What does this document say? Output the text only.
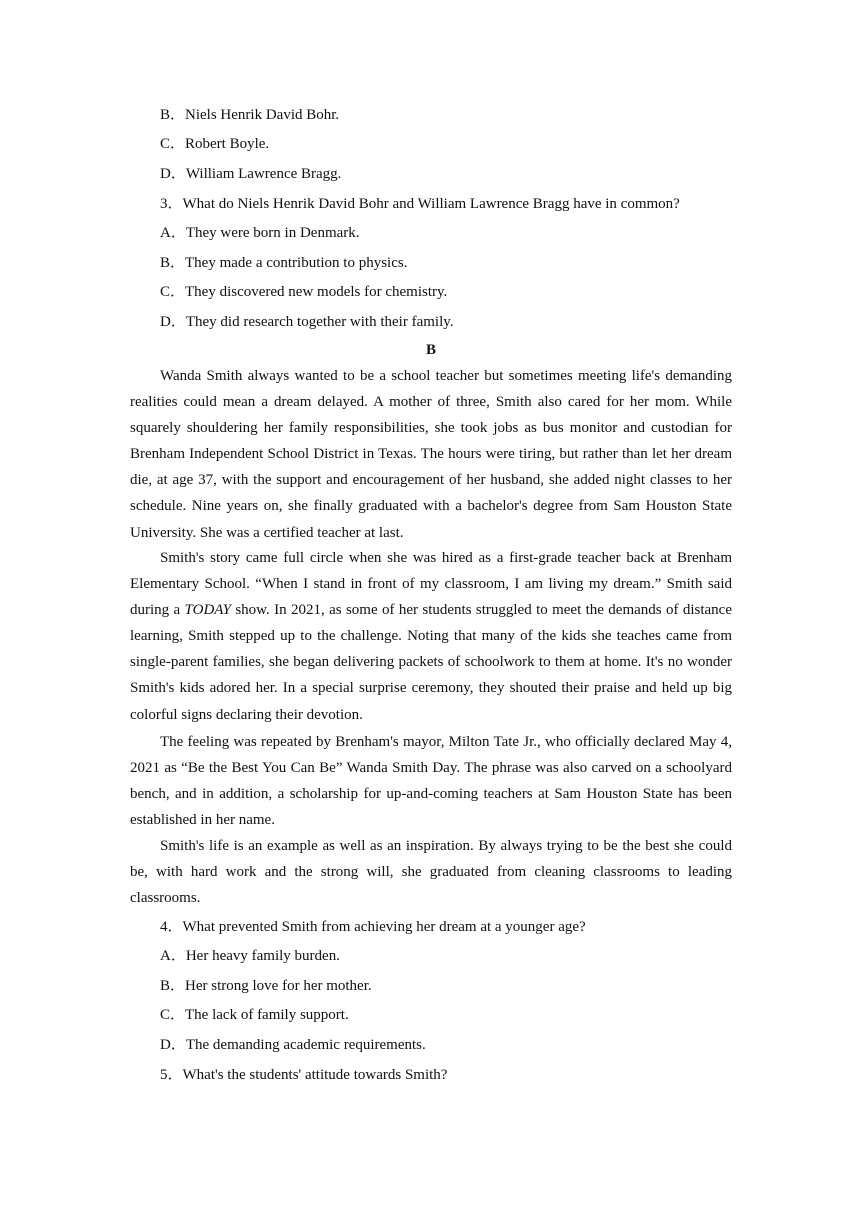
B．Niels Henrik David Bohr.
C．Robert Boyle.
D．William Lawrence Bragg.
3．What do Niels Henrik David Bohr and William Lawrence Bragg have in common?
A．They were born in Denmark.
B．They made a contribution to physics.
C．They discovered new models for chemistry.
D．They did research together with their family.
B
Wanda Smith always wanted to be a school teacher but sometimes meeting life's demanding realities could mean a dream delayed. A mother of three, Smith also cared for her mom. While squarely shouldering her family responsibilities, she took jobs as bus monitor and custodian for Brenham Independent School District in Texas. The hours were tiring, but rather than let her dream die, at age 37, with the support and encouragement of her husband, she added night classes to her schedule. Nine years on, she finally graduated with a bachelor's degree from Sam Houston State University. She was a certified teacher at last.
Smith's story came full circle when she was hired as a first-grade teacher back at Brenham Elementary School. “When I stand in front of my classroom, I am living my dream.” Smith said during a TODAY show. In 2021, as some of her students struggled to meet the demands of distance learning, Smith stepped up to the challenge. Noting that many of the kids she teaches came from single-parent families, she began delivering packets of schoolwork to them at home. It's no wonder Smith's kids adored her. In a special surprise ceremony, they shouted their praise and held up big colorful signs declaring their devotion.
The feeling was repeated by Brenham's mayor, Milton Tate Jr., who officially declared May 4, 2021 as “Be the Best You Can Be” Wanda Smith Day. The phrase was also carved on a schoolyard bench, and in addition, a scholarship for up-and-coming teachers at Sam Houston State has been established in her name.
Smith's life is an example as well as an inspiration. By always trying to be the best she could be, with hard work and the strong will, she graduated from cleaning classrooms to leading classrooms.
4．What prevented Smith from achieving her dream at a younger age?
A．Her heavy family burden.
B．Her strong love for her mother.
C．The lack of family support.
D．The demanding academic requirements.
5．What's the students' attitude towards Smith?
